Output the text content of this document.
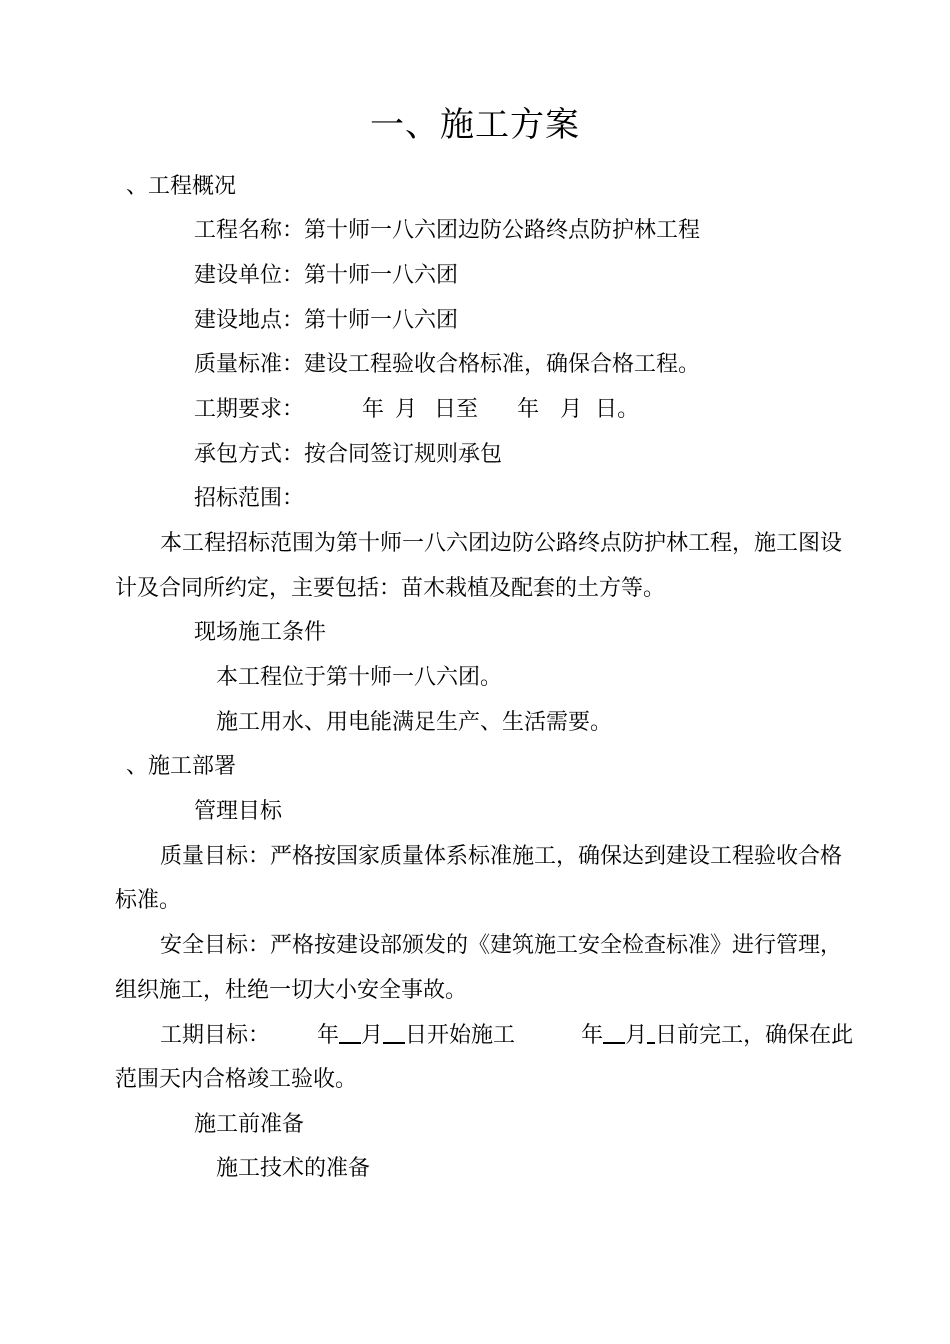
一、施工方案
、工程概况
工程名称：第十师一八六团边防公路终点防护林工程
建设单位：第十师一八六团
建设地点：第十师一八六团
质量标准：建设工程验收合格标准，确保合格工程。
工期要求：	年 月 日至 年 月 日。
承包方式：按合同签订规则承包
招标范围：
本工程招标范围为第十师一八六团边防公路终点防护林工程，施工图设
计及合同所约定，主要包括：苗木栽植及配套的土方等。
现场施工条件
本工程位于第十师一八六团。
施工用水、用电能满足生产、生活需要。
、施工部署
管理目标
质量目标：严格按国家质量体系标准施工，确保达到建设工程验收合格
标准。
安全目标：严格按建设部颁发的《建筑施工安全检查标准》进行管理，
组织施工，杜绝一切大小安全事故。
工期目标： 年 月 日开始施工	年 月 日前完工，确保在此
范围天内合格竣工验收。
施工前准备
施工技术的准备
